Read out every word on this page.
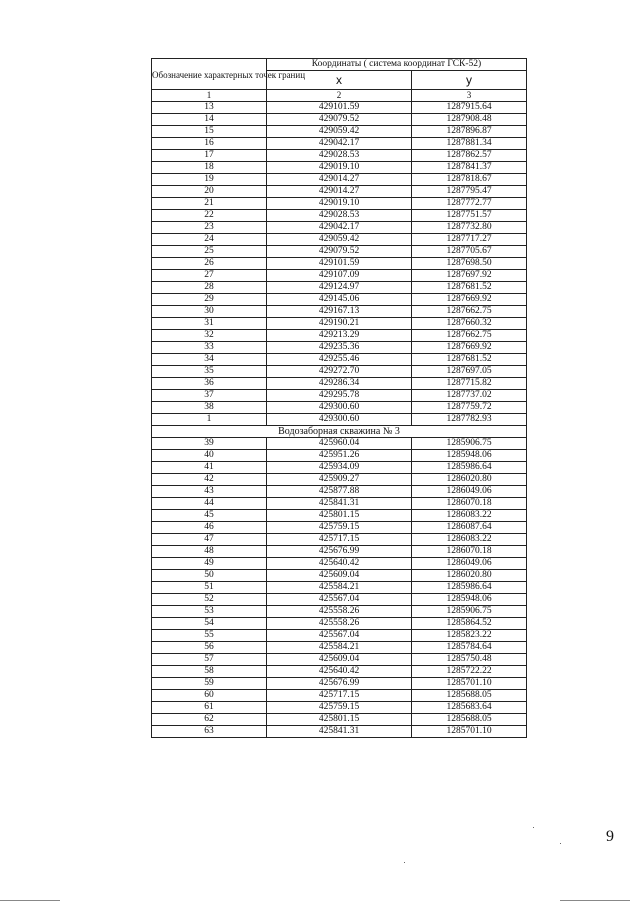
Обозначение характерных точек границ	Координаты ( система координат ГСК-52)	
	x	y
1	2	3
13	429101.59	1287915.64
14	429079.52	1287908.48
15	429059.42	1287896.87
16	429042.17	1287881.34
17	429028.53	1287862.57
18	429019.10	1287841.37
19	429014.27	1287818.67
20	429014.27	1287795.47
21	429019.10	1287772.77
22	429028.53	1287751.57
23	429042.17	1287732.80
24	429059.42	1287717.27
25	429079.52	1287705.67
26	429101.59	1287698.50
27	429107.09	1287697.92
28	429124.97	1287681.52
29	429145.06	1287669.92
30	429167.13	1287662.75
31	429190.21	1287660.32
32	429213.29	1287662.75
33	429235.36	1287669.92
34	429255.46	1287681.52
35	429272.70	1287697.05
36	429286.34	1287715.82
37	429295.78	1287737.02
38	429300.60	1287759.72
1	429300.60	1287782.93
Водозаборная скважина № 3		
39	425960.04	1285906.75
40	425951.26	1285948.06
41	425934.09	1285986.64
42	425909.27	1286020.80
43	425877.88	1286049.06
44	425841.31	1286070.18
45	425801.15	1286083.22
46	425759.15	1286087.64
47	425717.15	1286083.22
48	425676.99	1286070.18
49	425640.42	1286049.06
50	425609.04	1286020.80
51	425584.21	1285986.64
52	425567.04	1285948.06
53	425558.26	1285906.75
54	425558.26	1285864.52
55	425567.04	1285823.22
56	425584.21	1285784.64
57	425609.04	1285750.48
58	425640.42	1285722.22
59	425676.99	1285701.10
60	425717.15	1285688.05
61	425759.15	1285683.64
62	425801.15	1285688.05
63	425841.31	1285701.10
9
